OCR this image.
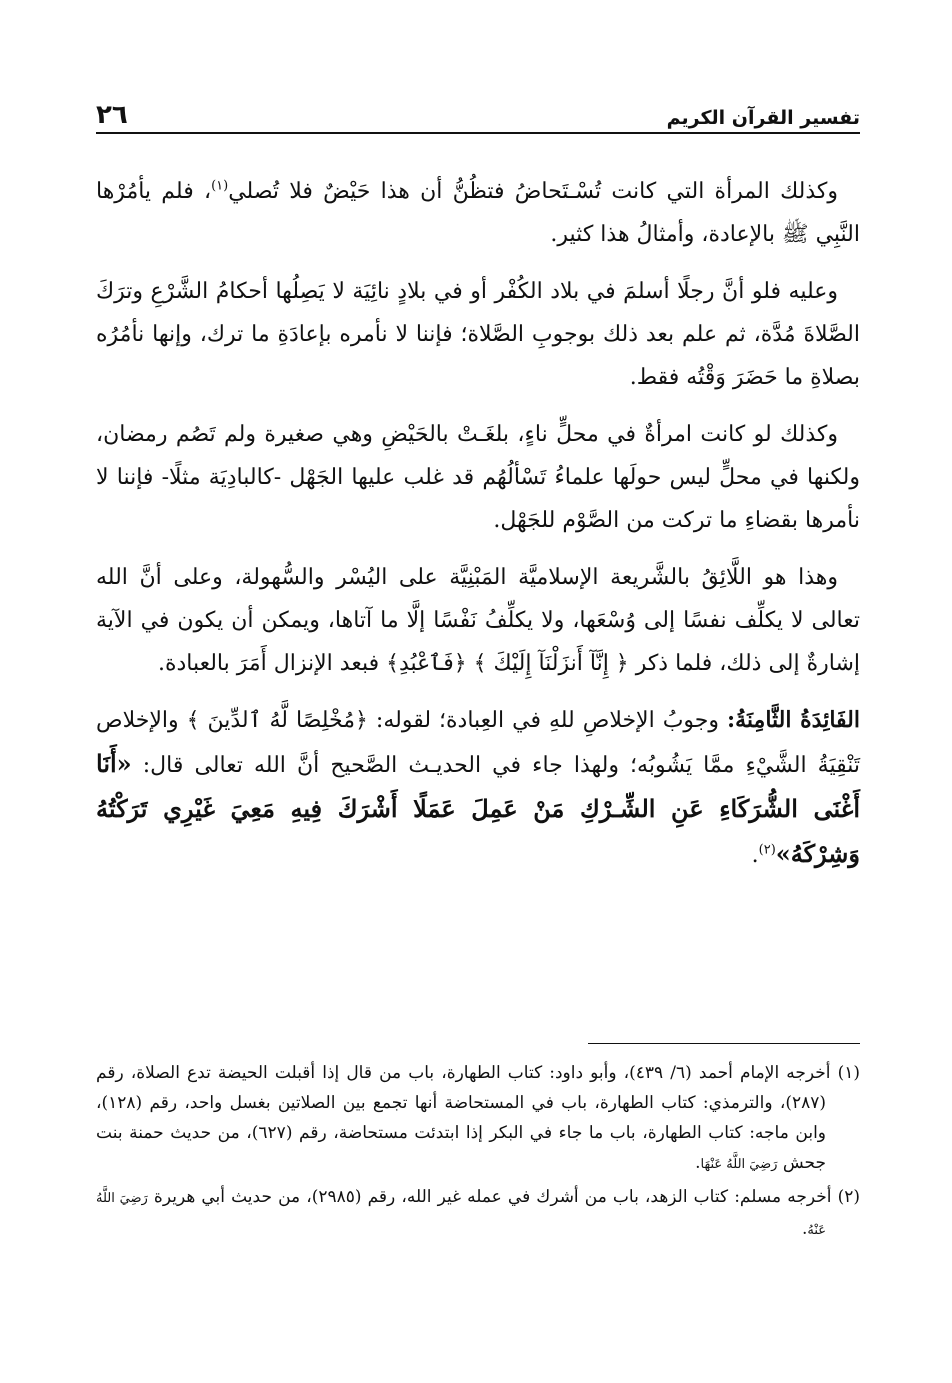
تفسير القرآن الكريم
٢٦

وكذلك المرأة التي كانت تُسْـتَحاضُ فتظُنُّ أن هذا حَيْضٌ فلا تُصلي$^{(١)}$، فلم يأمُرْها النَّبِي ﷺ بالإعادة، وأمثالُ هذا كثير.

وعليه فلو أنَّ رجلًا أسلمَ في بلاد الكُفْر أو في بلادٍ نائِيَة لا يَصِلُها أحكامُ الشَّرْعِ وترَكَ الصَّلاةَ مُدَّة، ثم علم بعد ذلك بوجوبِ الصَّلاة؛ فإننا لا نأمره بإعادَةِ ما ترك، وإنها نأمُرُه بصلاةِ ما حَضَرَ وَقْتُه فقط.

وكذلك لو كانت امرأةٌ في محلٍّ ناءٍ، بلغَـتْ بالحَيْضِ وهي صغيرة ولم تَصُم رمضان، ولكنها في محلٍّ ليس حولَها علماءُ تَسْألُهُم قد غلب عليها الجَهْل -كالبادِيَة مثلًا- فإننا لا نأمرها بقضاءِ ما تركت من الصَّوْم للجَهْل.

وهذا هو اللَّائِقُ بالشَّريعة الإسلاميَّة المَبْنِيَّة على اليُسْر والسُّهولة، وعلى أنَّ الله تعالى لا يكلِّف نفسًا إلى وُسْعَها، ولا يكلِّفُ نَفْسًا إلَّا ما آتاها، ويمكن أن يكون في الآية إشارةٌ إلى ذلك، فلما ذكر ﴿ إِنَّآ أَنزَلْنَآ إِلَيْكَ ﴾ ﴿فَٱعْبُدِ﴾ فبعد الإنزال أَمَرَ بالعبادة.

الفَائِدَةُ الثَّامِنَةُ: وجوبُ الإخلاصِ للهِ في العِبادة؛ لقوله: ﴿مُخْلِصًا لَّهُ ٱلدِّينَ ﴾ والإخلاص تَنْقِيَةُ الشَّيْءِ ممَّا يَشُوبُه؛ ولهذا جاء في الحديـث الصَّحيح أنَّ الله تعالى قال: «أَنَا أَغْنَى الشُّرَكَاءِ عَنِ الشِّـرْكِ مَنْ عَمِلَ عَمَلًا أَشْرَكَ فِيهِ مَعِيَ غَيْرِي تَرَكْتُهُ وَشِرْكَهُ»$^{(٢)}$.

(١) أخرجه الإمام أحمد (٦/ ٤٣٩)، وأبو داود: كتاب الطهارة، باب من قال إذا أقبلت الحيضة تدع الصلاة، رقم (٢٨٧)، والترمذي: كتاب الطهارة، باب في المستحاضة أنها تجمع بين الصلاتين بغسل واحد، رقم (١٢٨)، وابن ماجه: كتاب الطهارة، باب ما جاء في البكر إذا ابتدئت مستحاضة، رقم (٦٢٧)، من حديث حمنة بنت جحش رَضِيَ اللَّهُ عَنْهَا.

(٢) أخرجه مسلم: كتاب الزهد، باب من أشرك في عمله غير الله، رقم (٢٩٨٥)، من حديث أبي هريرة رَضِيَ اللَّهُ عَنْهُ.
